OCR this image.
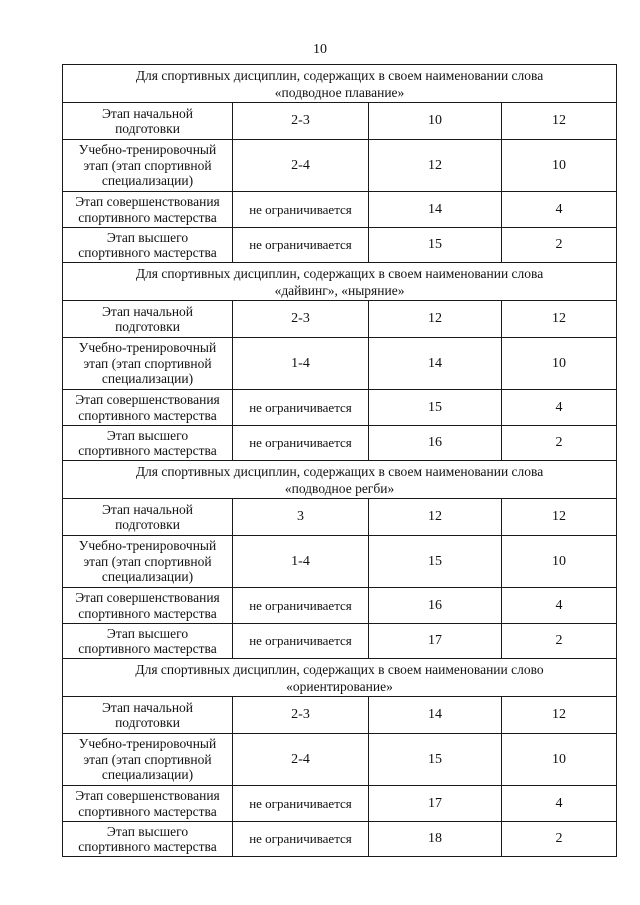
10
Для спортивных дисциплин, содержащих в своем наименовании слова
«подводное плавание»			
Этап начальной
подготовки	2-3	10	12
Учебно-тренировочный
этап (этап спортивной
специализации)	2-4	12	10
Этап совершенствования
спортивного мастерства	не ограничивается	14	4
Этап высшего
спортивного мастерства	не ограничивается	15	2
Для спортивных дисциплин, содержащих в своем наименовании слова
«дайвинг», «ныряние»			
Этап начальной
подготовки	2-3	12	12
Учебно-тренировочный
этап (этап спортивной
специализации)	1-4	14	10
Этап совершенствования
спортивного мастерства	не ограничивается	15	4
Этап высшего
спортивного мастерства	не ограничивается	16	2
Для спортивных дисциплин, содержащих в своем наименовании слова
«подводное регби»			
Этап начальной
подготовки	3	12	12
Учебно-тренировочный
этап (этап спортивной
специализации)	1-4	15	10
Этап совершенствования
спортивного мастерства	не ограничивается	16	4
Этап высшего
спортивного мастерства	не ограничивается	17	2
Для спортивных дисциплин, содержащих в своем наименовании слово
«ориентирование»			
Этап начальной
подготовки	2-3	14	12
Учебно-тренировочный
этап (этап спортивной
специализации)	2-4	15	10
Этап совершенствования
спортивного мастерства	не ограничивается	17	4
Этап высшего
спортивного мастерства	не ограничивается	18	2
